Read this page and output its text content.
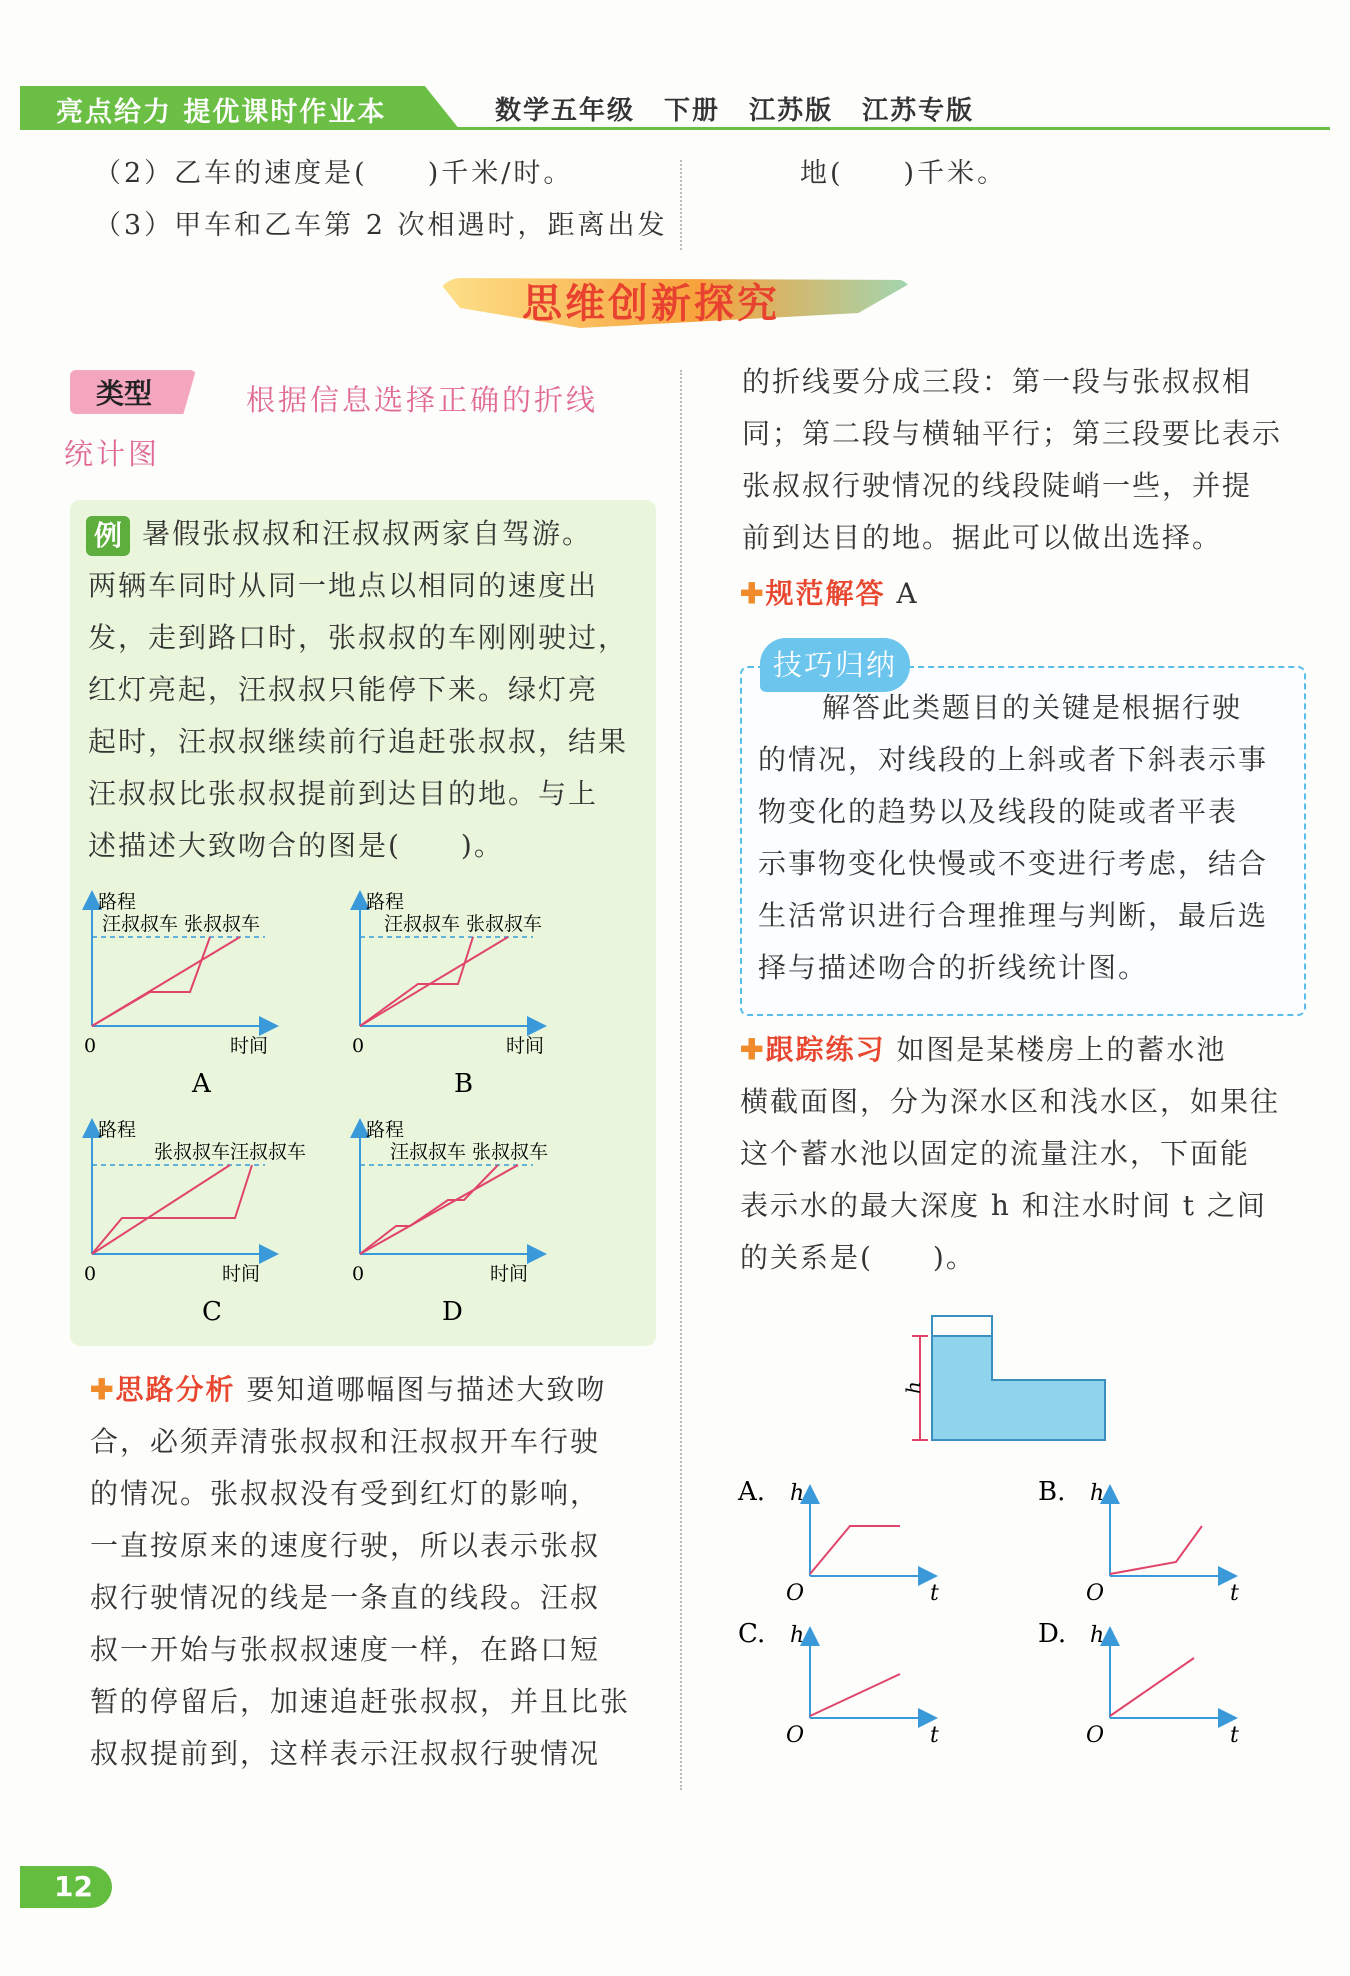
亮点给力 提优课时作业本	数学五年级 下册 江苏版 江苏专版
（2）乙车的速度是(　　)千米/时。
（3）甲车和乙车第 2 次相遇时，距离出发
地(　　)千米。
思维创新探究
类型	根据信息选择正确的折线
统计图
例 暑假张叔叔和汪叔叔两家自驾游。
两辆车同时从同一地点以相同的速度出
发，走到路口时，张叔叔的车刚刚驶过，
红灯亮起，汪叔叔只能停下来。绿灯亮
起时，汪叔叔继续前行追赶张叔叔，结果
汪叔叔比张叔叔提前到达目的地。与上
述描述大致吻合的图是(　　)。
路程
汪叔叔车 张叔叔车
0	时间
A
路程
汪叔叔车 张叔叔车
0	时间
B
路程
张叔叔车汪叔叔车
0	时间
C
路程
汪叔叔车 张叔叔车
0	时间
D
✚思路分析 要知道哪幅图与描述大致吻
合，必须弄清张叔叔和汪叔叔开车行驶
的情况。张叔叔没有受到红灯的影响，
一直按原来的速度行驶，所以表示张叔
叔行驶情况的线是一条直的线段。汪叔
叔一开始与张叔叔速度一样，在路口短
暂的停留后，加速追赶张叔叔，并且比张
叔叔提前到，这样表示汪叔叔行驶情况
的折线要分成三段：第一段与张叔叔相
同；第二段与横轴平行；第三段要比表示
张叔叔行驶情况的线段陡峭一些，并提
前到达目的地。据此可以做出选择。
✚规范解答 A
技巧归纳
解答此类题目的关键是根据行驶
的情况，对线段的上斜或者下斜表示事
物变化的趋势以及线段的陡或者平表
示事物变化快慢或不变进行考虑，结合
生活常识进行合理推理与判断，最后选
择与描述吻合的折线统计图。
✚跟踪练习 如图是某楼房上的蓄水池
横截面图，分为深水区和浅水区，如果往
这个蓄水池以固定的流量注水，下面能
表示水的最大深度 h 和注水时间 t 之间
的关系是(　　)。
h
A. h
O	t
B. h
O	t
C. h
O	t
D. h
O	t
12
